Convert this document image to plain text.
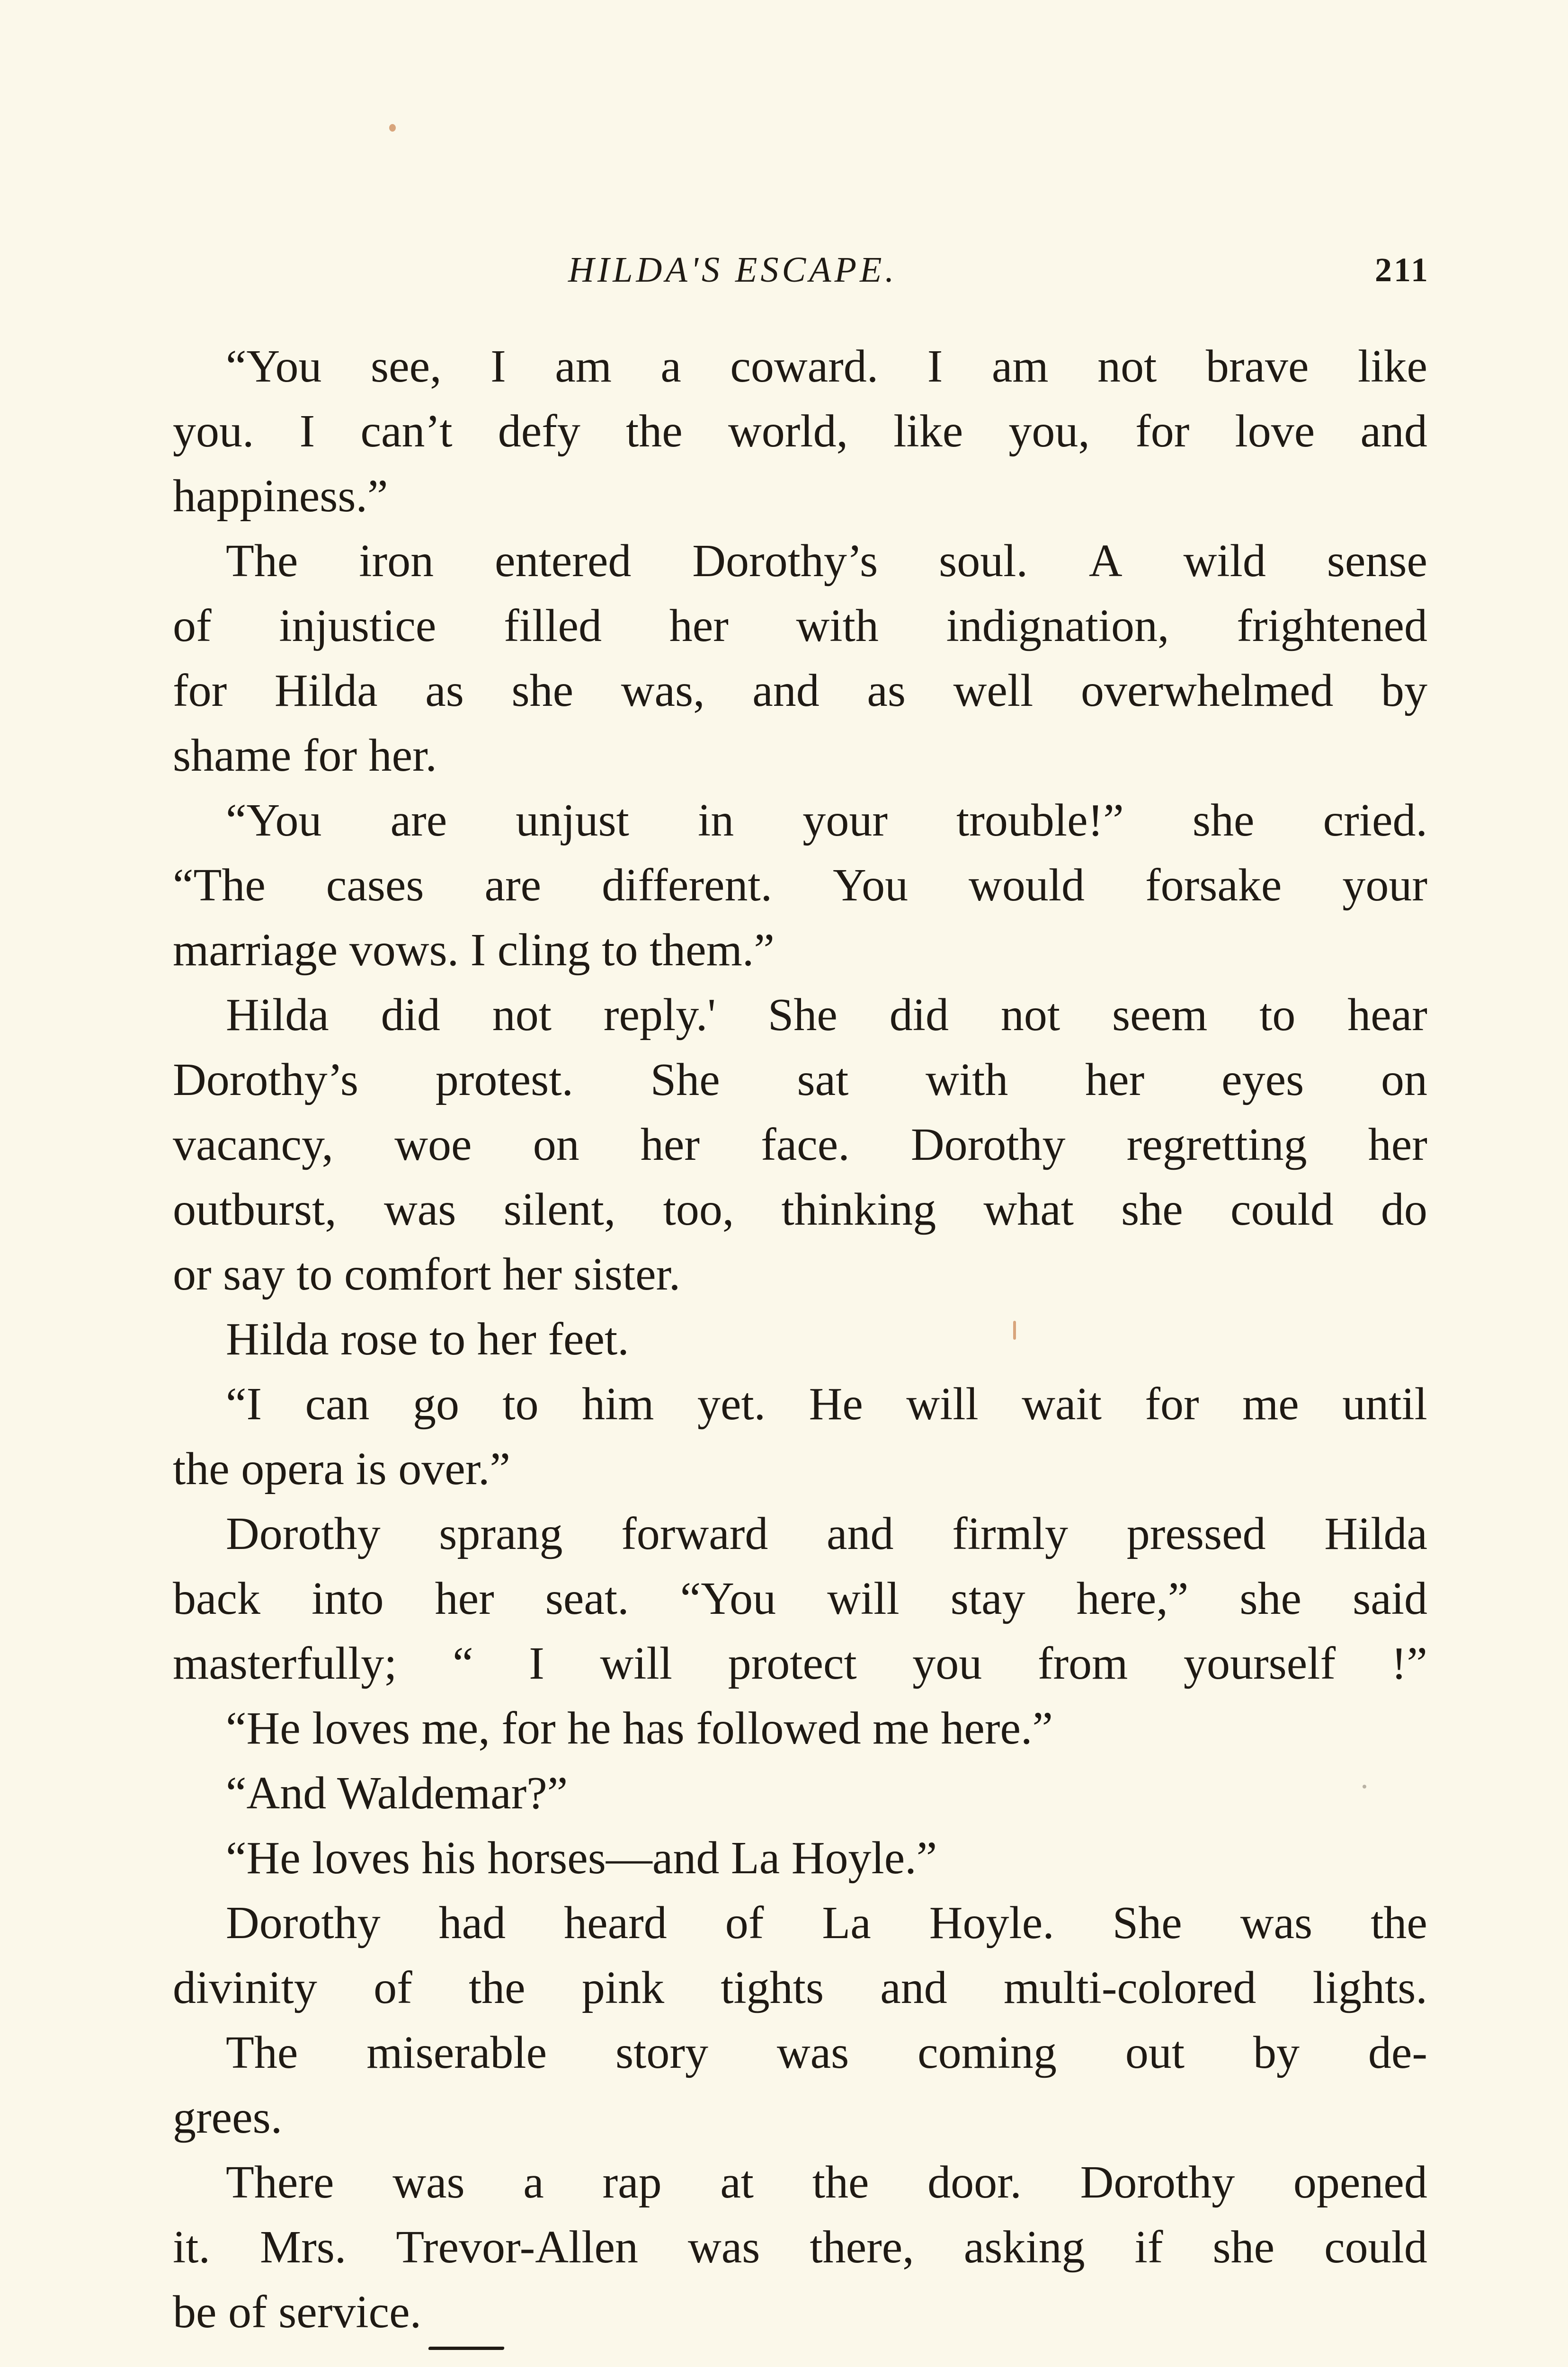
HILDA'S ESCAPE.	211
“You see, I am a coward. I am not brave like
you. I can’t defy the world, like you, for love and
happiness.”
The iron entered Dorothy’s soul. A wild sense
of injustice filled her with indignation, frightened
for Hilda as she was, and as well overwhelmed by
shame for her.
“You are unjust in your trouble!” she cried.
“The cases are different. You would forsake your
marriage vows. I cling to them.”
Hilda did not reply.' She did not seem to hear
Dorothy’s protest. She sat with her eyes on
vacancy, woe on her face. Dorothy regretting her
outburst, was silent, too, thinking what she could do
or say to comfort her sister.
Hilda rose to her feet.
“I can go to him yet. He will wait for me until
the opera is over.”
Dorothy sprang forward and firmly pressed Hilda
back into her seat. “You will stay here,” she said
masterfully; “ I will protect you from yourself !”
“He loves me, for he has followed me here.”
“And Waldemar?”
“He loves his horses—and La Hoyle.”
Dorothy had heard of La Hoyle. She was the
divinity of the pink tights and multi-colored lights.
The miserable story was coming out by de-
grees.
There was a rap at the door. Dorothy opened
it. Mrs. Trevor-Allen was there, asking if she could
be of service.
